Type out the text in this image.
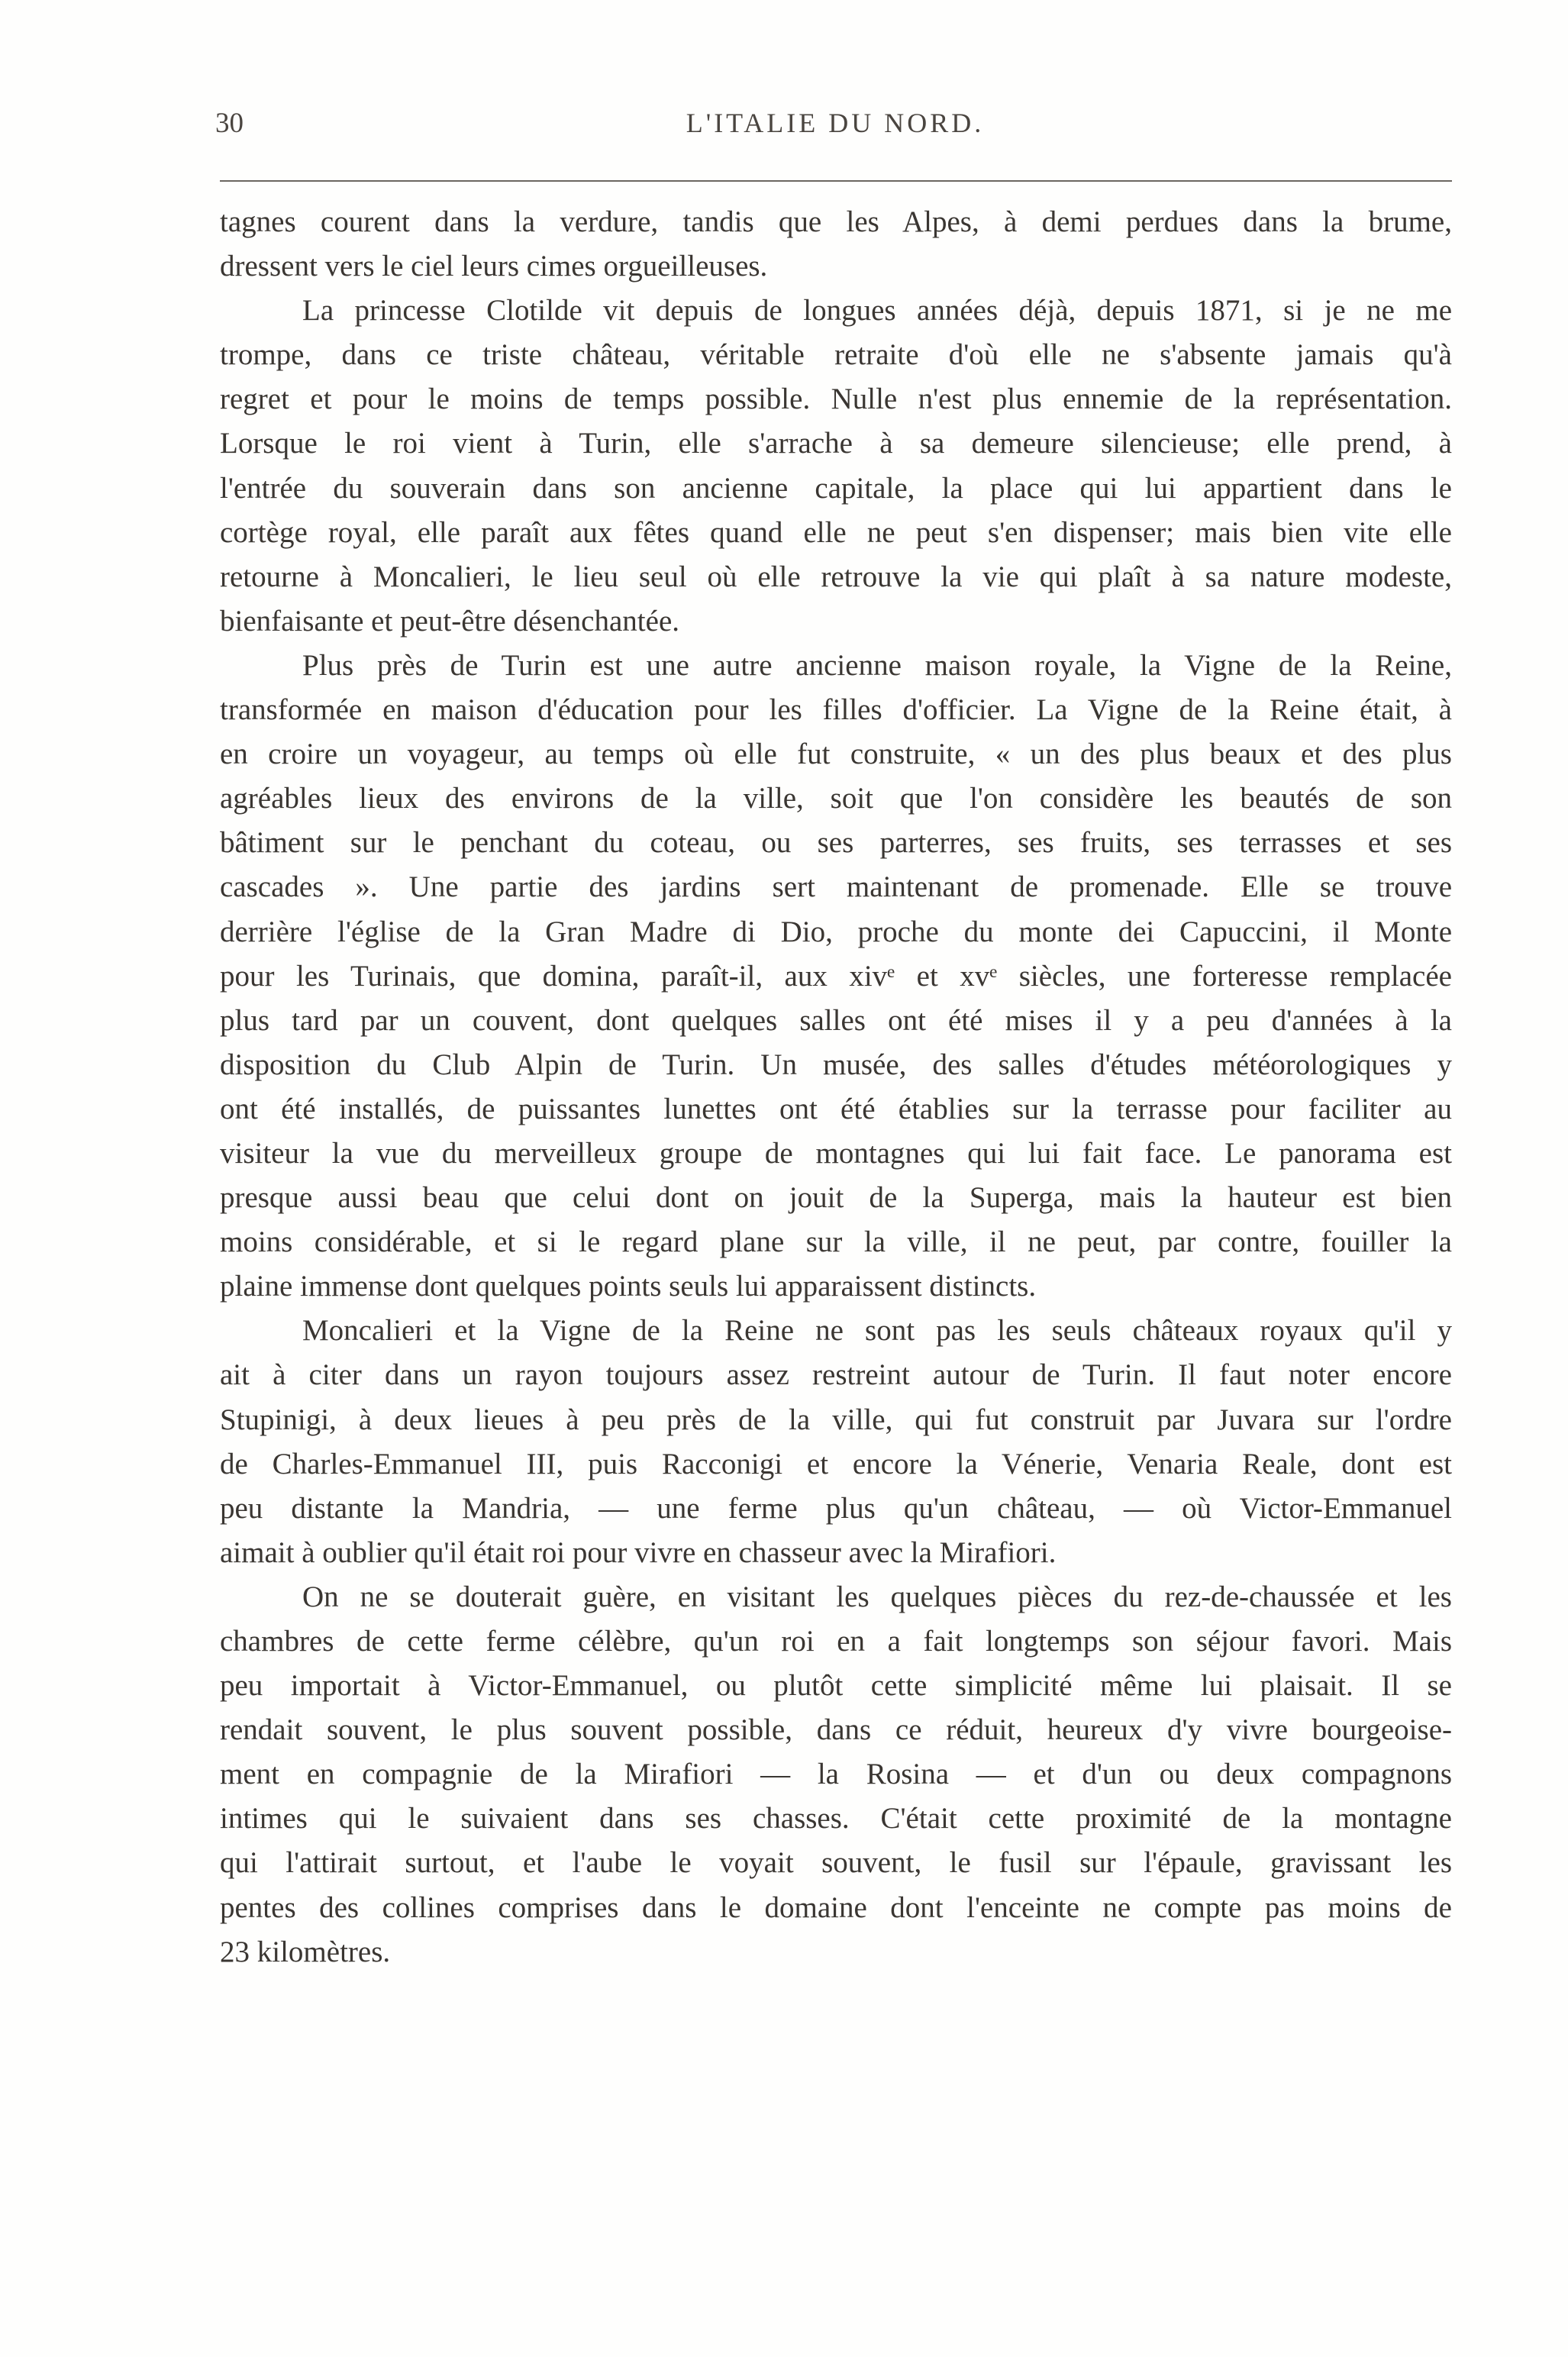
30	L'ITALIE DU NORD.
tagnes courent dans la verdure, tandis que les Alpes, à demi perdues dans la brume,
dressent vers le ciel leurs cimes orgueilleuses.
La princesse Clotilde vit depuis de longues années déjà, depuis 1871, si je ne me
trompe, dans ce triste château, véritable retraite d'où elle ne s'absente jamais qu'à
regret et pour le moins de temps possible. Nulle n'est plus ennemie de la représentation.
Lorsque le roi vient à Turin, elle s'arrache à sa demeure silencieuse; elle prend, à
l'entrée du souverain dans son ancienne capitale, la place qui lui appartient dans le
cortège royal, elle paraît aux fêtes quand elle ne peut s'en dispenser; mais bien vite elle
retourne à Moncalieri, le lieu seul où elle retrouve la vie qui plaît à sa nature modeste,
bienfaisante et peut-être désenchantée.
Plus près de Turin est une autre ancienne maison royale, la Vigne de la Reine,
transformée en maison d'éducation pour les filles d'officier. La Vigne de la Reine était, à
en croire un voyageur, au temps où elle fut construite, « un des plus beaux et des plus
agréables lieux des environs de la ville, soit que l'on considère les beautés de son
bâtiment sur le penchant du coteau, ou ses parterres, ses fruits, ses terrasses et ses
cascades ». Une partie des jardins sert maintenant de promenade. Elle se trouve
derrière l'église de la Gran Madre di Dio, proche du monte dei Capuccini, il Monte
pour les Turinais, que domina, paraît-il, aux xivᵉ et xvᵉ siècles, une forteresse remplacée
plus tard par un couvent, dont quelques salles ont été mises il y a peu d'années à la
disposition du Club Alpin de Turin. Un musée, des salles d'études météorologiques y
ont été installés, de puissantes lunettes ont été établies sur la terrasse pour faciliter au
visiteur la vue du merveilleux groupe de montagnes qui lui fait face. Le panorama est
presque aussi beau que celui dont on jouit de la Superga, mais la hauteur est bien
moins considérable, et si le regard plane sur la ville, il ne peut, par contre, fouiller la
plaine immense dont quelques points seuls lui apparaissent distincts.
Moncalieri et la Vigne de la Reine ne sont pas les seuls châteaux royaux qu'il y
ait à citer dans un rayon toujours assez restreint autour de Turin. Il faut noter encore
Stupinigi, à deux lieues à peu près de la ville, qui fut construit par Juvara sur l'ordre
de Charles-Emmanuel III, puis Racconigi et encore la Vénerie, Venaria Reale, dont est
peu distante la Mandria, — une ferme plus qu'un château, — où Victor-Emmanuel
aimait à oublier qu'il était roi pour vivre en chasseur avec la Mirafiori.
On ne se douterait guère, en visitant les quelques pièces du rez-de-chaussée et les
chambres de cette ferme célèbre, qu'un roi en a fait longtemps son séjour favori. Mais
peu importait à Victor-Emmanuel, ou plutôt cette simplicité même lui plaisait. Il se
rendait souvent, le plus souvent possible, dans ce réduit, heureux d'y vivre bourgeoise-
ment en compagnie de la Mirafiori — la Rosina — et d'un ou deux compagnons
intimes qui le suivaient dans ses chasses. C'était cette proximité de la montagne
qui l'attirait surtout, et l'aube le voyait souvent, le fusil sur l'épaule, gravissant les
pentes des collines comprises dans le domaine dont l'enceinte ne compte pas moins de
23 kilomètres.
